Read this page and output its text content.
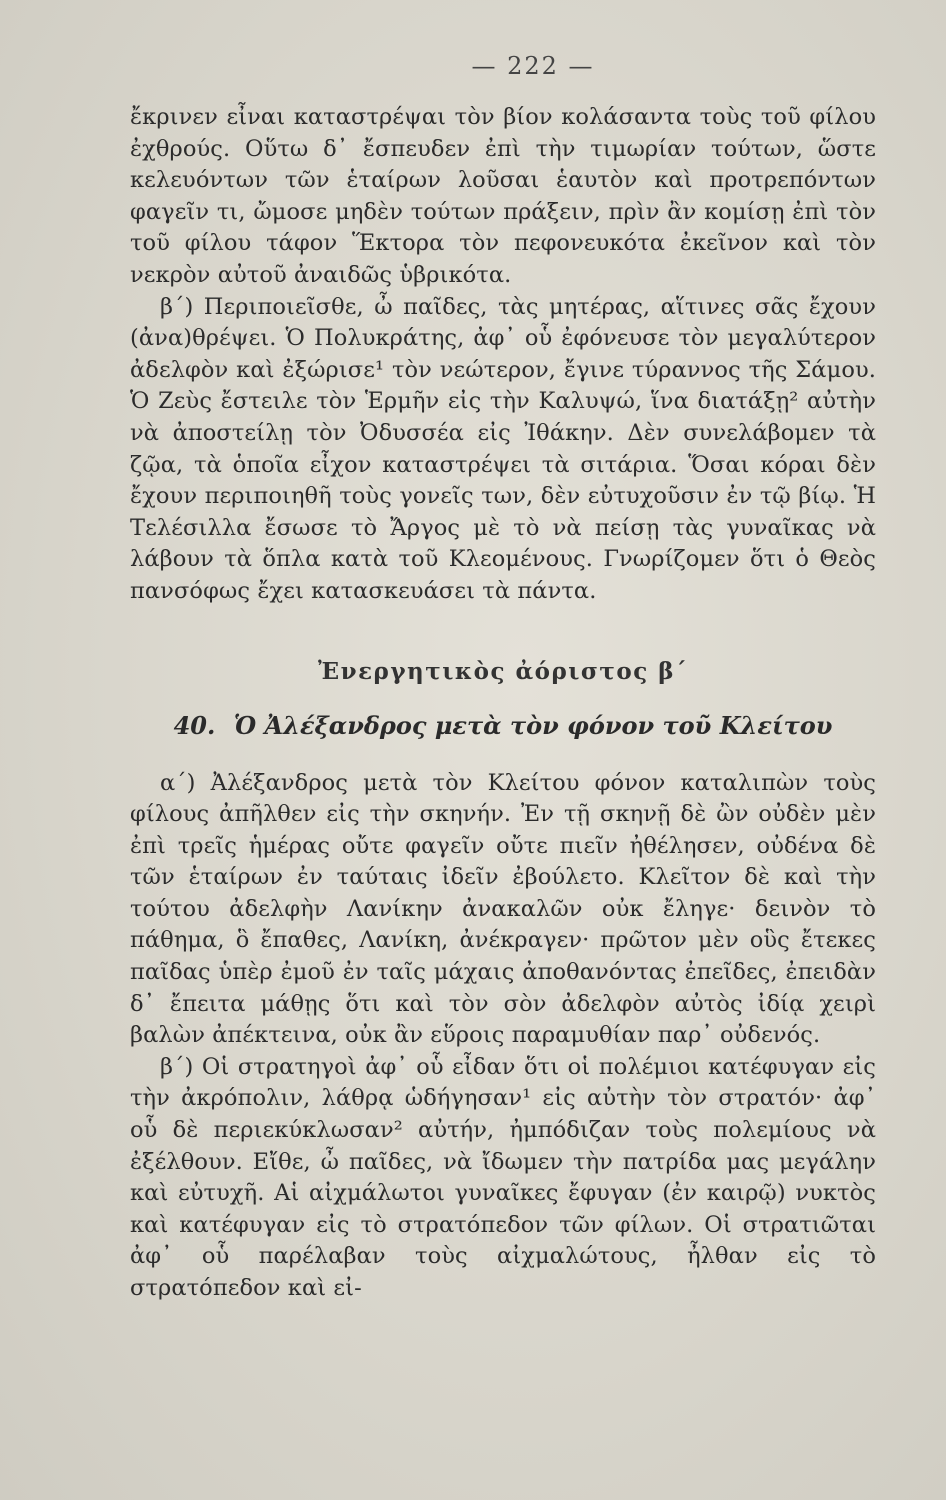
— 222 —

ἔκρινεν εἶναι καταστρέψαι τὸν βίον κολάσαντα τοὺς τοῦ φίλου ἐχθρούς. Οὕτω δ᾽ ἔσπευδεν ἐπὶ τὴν τιμωρίαν τούτων, ὥστε κελευόντων τῶν ἑταίρων λοῦσαι ἑαυτὸν καὶ προτρεπόντων φαγεῖν τι, ὤμοσε μηδὲν τούτων πράξειν, πρὶν ἂν κομίσῃ ἐπὶ τὸν τοῦ φίλου τάφον Ἕκτορα τὸν πεφονευκότα ἐκεῖνον καὶ τὸν νεκρὸν αὐτοῦ ἀναιδῶς ὑβρικότα.

β΄) Περιποιεῖσθε, ὦ παῖδες, τὰς μητέρας, αἵτινες σᾶς ἔχουν (ἀνα)θρέψει. Ὁ Πολυκράτης, ἀφ᾽ οὗ ἐφόνευσε τὸν μεγαλύτερον ἀδελφὸν καὶ ἐξώρισε¹ τὸν νεώτερον, ἔγινε τύραννος τῆς Σάμου. Ὁ Ζεὺς ἔστειλε τὸν Ἑρμῆν εἰς τὴν Καλυψώ, ἵνα διατάξῃ² αὐτὴν νὰ ἀποστείλῃ τὸν Ὀδυσσέα εἰς Ἰθάκην. Δὲν συνελάβομεν τὰ ζῷα, τὰ ὁποῖα εἶχον καταστρέψει τὰ σιτάρια. Ὅσαι κόραι δὲν ἔχουν περιποιηθῆ τοὺς γονεῖς των, δὲν εὐτυχοῦσιν ἐν τῷ βίῳ. Ἡ Τελέσιλλα ἔσωσε τὸ Ἄργος μὲ τὸ νὰ πείσῃ τὰς γυναῖκας νὰ λάβουν τὰ ὅπλα κατὰ τοῦ Κλεομένους. Γνωρίζομεν ὅτι ὁ Θεὸς πανσόφως ἔχει κατασκευάσει τὰ πάντα.

Ἐνεργητικὸς ἀόριστος β΄
40. Ὁ Ἀλέξανδρος μετὰ τὸν φόνον τοῦ Κλείτου

α΄) Ἀλέξανδρος μετὰ τὸν Κλείτου φόνον καταλιπὼν τοὺς φίλους ἀπῆλθεν εἰς τὴν σκηνήν. Ἐν τῇ σκηνῇ δὲ ὢν οὐδὲν μὲν ἐπὶ τρεῖς ἡμέρας οὔτε φαγεῖν οὔτε πιεῖν ἠθέλησεν, οὐδένα δὲ τῶν ἑταίρων ἐν ταύταις ἰδεῖν ἐβούλετο. Κλεῖτον δὲ καὶ τὴν τούτου ἀδελφὴν Λανίκην ἀνακαλῶν οὐκ ἔληγε· δεινὸν τὸ πάθημα, ὃ ἔπαθες, Λανίκη, ἀνέκραγεν· πρῶτον μὲν οὓς ἔτεκες παῖδας ὑπὲρ ἐμοῦ ἐν ταῖς μάχαις ἀποθανόντας ἐπεῖδες, ἐπειδὰν δ᾽ ἔπειτα μάθῃς ὅτι καὶ τὸν σὸν ἀδελφὸν αὐτὸς ἰδίᾳ χειρὶ βαλὼν ἀπέκτεινα, οὐκ ἂν εὕροις παραμυθίαν παρ᾽ οὐδενός.

β΄) Οἱ στρατηγοὶ ἀφ᾽ οὗ εἶδαν ὅτι οἱ πολέμιοι κατέφυγαν εἰς τὴν ἀκρόπολιν, λάθρᾳ ὡδήγησαν¹ εἰς αὐτὴν τὸν στρατόν· ἀφ᾽ οὗ δὲ περιεκύκλωσαν² αὐτήν, ἠμπόδιζαν τοὺς πολεμίους νὰ ἐξέλθουν. Εἴθε, ὦ παῖδες, νὰ ἴδωμεν τὴν πατρίδα μας μεγάλην καὶ εὐτυχῆ. Αἱ αἰχμάλωτοι γυναῖκες ἔφυγαν (ἐν καιρῷ) νυκτὸς καὶ κατέφυγαν εἰς τὸ στρατόπεδον τῶν φίλων. Οἱ στρατιῶται ἀφ᾽ οὗ παρέλαβαν τοὺς αἰχμαλώτους, ἦλθαν εἰς τὸ στρατόπεδον καὶ εἰ-
